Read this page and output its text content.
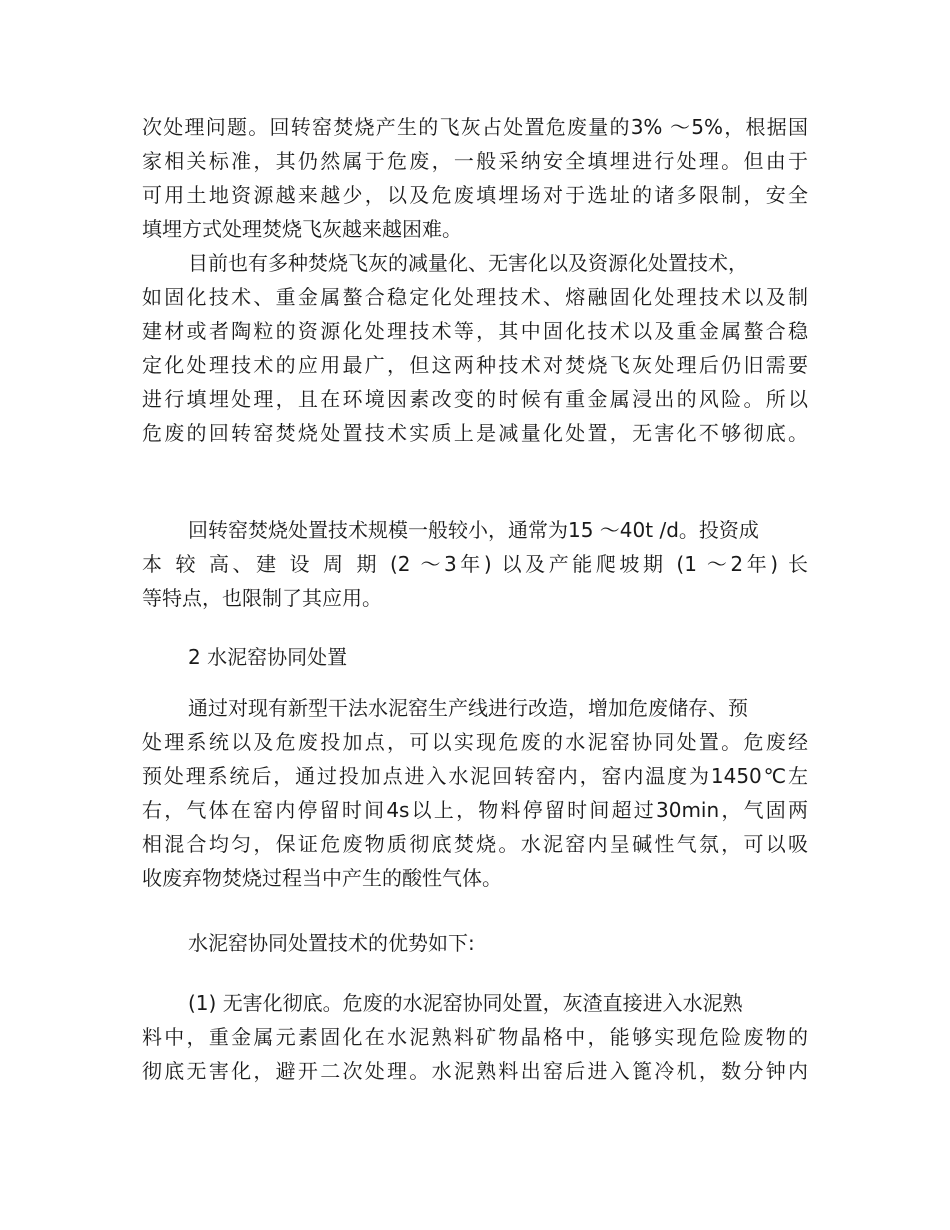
次处理问题。回转窑焚烧产生的飞灰占处置危废量的3% ～5%，根据国
家相关标准，其仍然属于危废，一般采纳安全填埋进行处理。但由于
可用土地资源越来越少，以及危废填埋场对于选址的诸多限制，安全
填埋方式处理焚烧飞灰越来越困难。
目前也有多种焚烧飞灰的减量化、无害化以及资源化处置技术，
如固化技术、重金属螯合稳定化处理技术、熔融固化处理技术以及制
建材或者陶粒的资源化处理技术等，其中固化技术以及重金属螯合稳
定化处理技术的应用最广，但这两种技术对焚烧飞灰处理后仍旧需要
进行填埋处理，且在环境因素改变的时候有重金属浸出的风险。所以
危废的回转窑焚烧处置技术实质上是减量化处置，无害化不够彻底。
回转窑焚烧处置技术规模一般较小，通常为15 ～40t /d。投资成
本 较 高、建 设 周 期 (2 ～3年) 以及产能爬坡期 (1 ～2年) 长
等特点，也限制了其应用。
2 水泥窑协同处置
通过对现有新型干法水泥窑生产线进行改造，增加危废储存、预
处理系统以及危废投加点，可以实现危废的水泥窑协同处置。危废经
预处理系统后，通过投加点进入水泥回转窑内，窑内温度为1450℃左
右，气体在窑内停留时间4s以上，物料停留时间超过30min，气固两
相混合均匀，保证危废物质彻底焚烧。水泥窑内呈碱性气氛，可以吸
收废弃物焚烧过程当中产生的酸性气体。
水泥窑协同处置技术的优势如下:
(1) 无害化彻底。危废的水泥窑协同处置，灰渣直接进入水泥熟
料中，重金属元素固化在水泥熟料矿物晶格中，能够实现危险废物的
彻底无害化，避开二次处理。水泥熟料出窑后进入篦冷机，数分钟内
